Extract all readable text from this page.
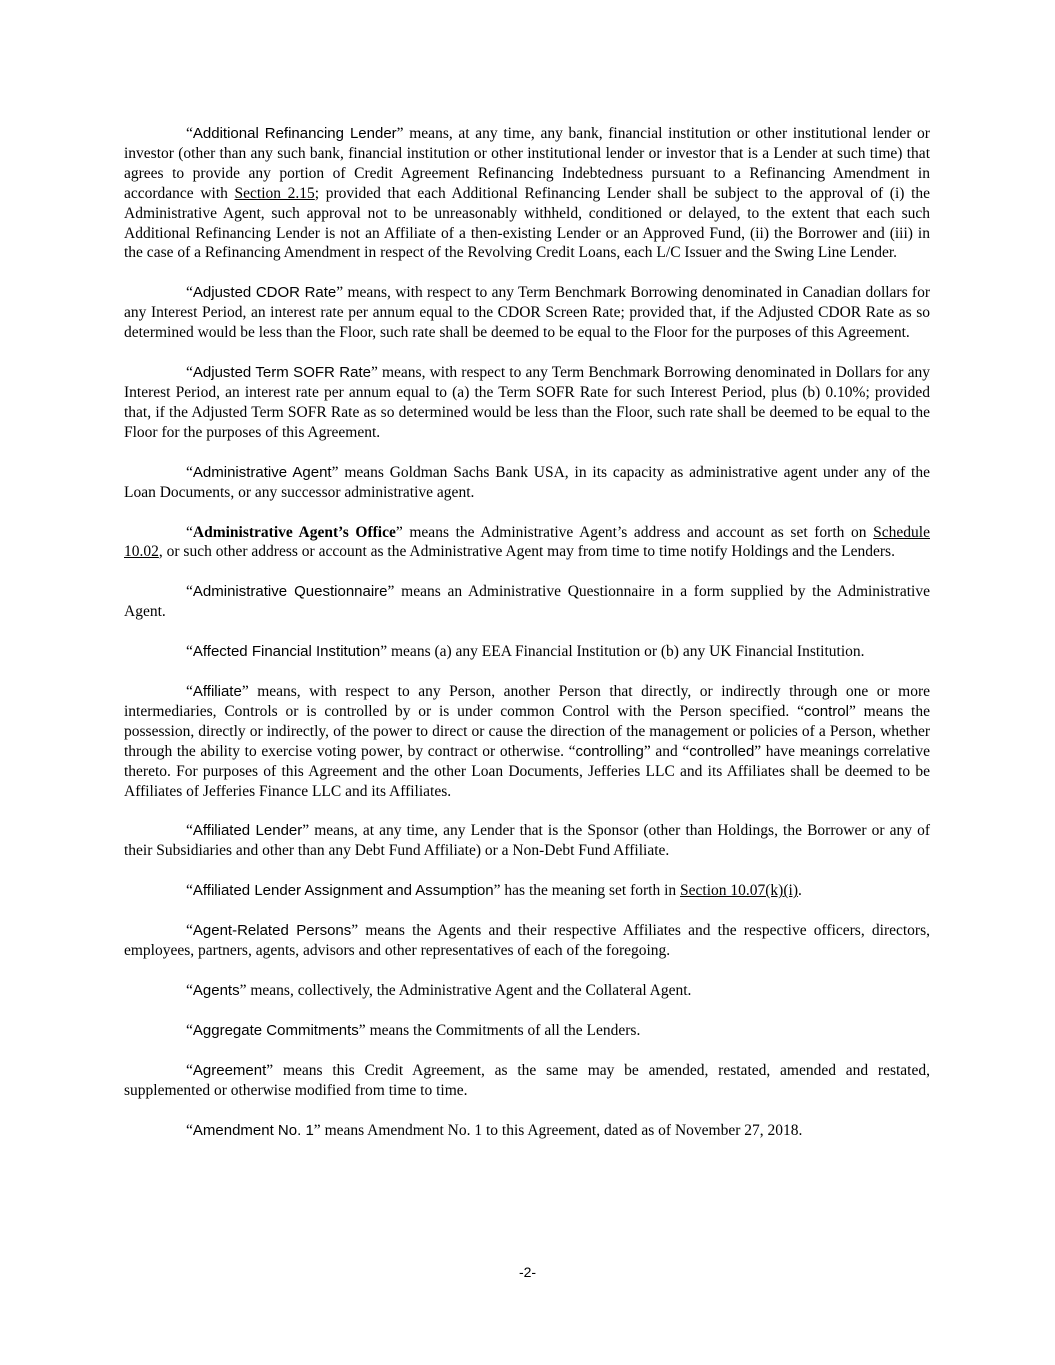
“Additional Refinancing Lender” means, at any time, any bank, financial institution or other institutional lender or investor (other than any such bank, financial institution or other institutional lender or investor that is a Lender at such time) that agrees to provide any portion of Credit Agreement Refinancing Indebtedness pursuant to a Refinancing Amendment in accordance with Section 2.15; provided that each Additional Refinancing Lender shall be subject to the approval of (i) the Administrative Agent, such approval not to be unreasonably withheld, conditioned or delayed, to the extent that each such Additional Refinancing Lender is not an Affiliate of a then-existing Lender or an Approved Fund, (ii) the Borrower and (iii) in the case of a Refinancing Amendment in respect of the Revolving Credit Loans, each L/C Issuer and the Swing Line Lender.

“Adjusted CDOR Rate” means, with respect to any Term Benchmark Borrowing denominated in Canadian dollars for any Interest Period, an interest rate per annum equal to the CDOR Screen Rate; provided that, if the Adjusted CDOR Rate as so determined would be less than the Floor, such rate shall be deemed to be equal to the Floor for the purposes of this Agreement.

“Adjusted Term SOFR Rate” means, with respect to any Term Benchmark Borrowing denominated in Dollars for any Interest Period, an interest rate per annum equal to (a) the Term SOFR Rate for such Interest Period, plus (b) 0.10%; provided that, if the Adjusted Term SOFR Rate as so determined would be less than the Floor, such rate shall be deemed to be equal to the Floor for the purposes of this Agreement.

“Administrative Agent” means Goldman Sachs Bank USA, in its capacity as administrative agent under any of the Loan Documents, or any successor administrative agent.

“Administrative Agent’s Office” means the Administrative Agent’s address and account as set forth on Schedule 10.02, or such other address or account as the Administrative Agent may from time to time notify Holdings and the Lenders.

“Administrative Questionnaire” means an Administrative Questionnaire in a form supplied by the Administrative Agent.

“Affected Financial Institution” means (a) any EEA Financial Institution or (b) any UK Financial Institution.

“Affiliate” means, with respect to any Person, another Person that directly, or indirectly through one or more intermediaries, Controls or is controlled by or is under common Control with the Person specified. “control” means the possession, directly or indirectly, of the power to direct or cause the direction of the management or policies of a Person, whether through the ability to exercise voting power, by contract or otherwise. “controlling” and “controlled” have meanings correlative thereto. For purposes of this Agreement and the other Loan Documents, Jefferies LLC and its Affiliates shall be deemed to be Affiliates of Jefferies Finance LLC and its Affiliates.

“Affiliated Lender” means, at any time, any Lender that is the Sponsor (other than Holdings, the Borrower or any of their Subsidiaries and other than any Debt Fund Affiliate) or a Non-Debt Fund Affiliate.

“Affiliated Lender Assignment and Assumption” has the meaning set forth in Section 10.07(k)(i).

“Agent-Related Persons” means the Agents and their respective Affiliates and the respective officers, directors, employees, partners, agents, advisors and other representatives of each of the foregoing.

“Agents” means, collectively, the Administrative Agent and the Collateral Agent.

“Aggregate Commitments” means the Commitments of all the Lenders.

“Agreement” means this Credit Agreement, as the same may be amended, restated, amended and restated, supplemented or otherwise modified from time to time.

“Amendment No. 1” means Amendment No. 1 to this Agreement, dated as of November 27, 2018.

-2-
